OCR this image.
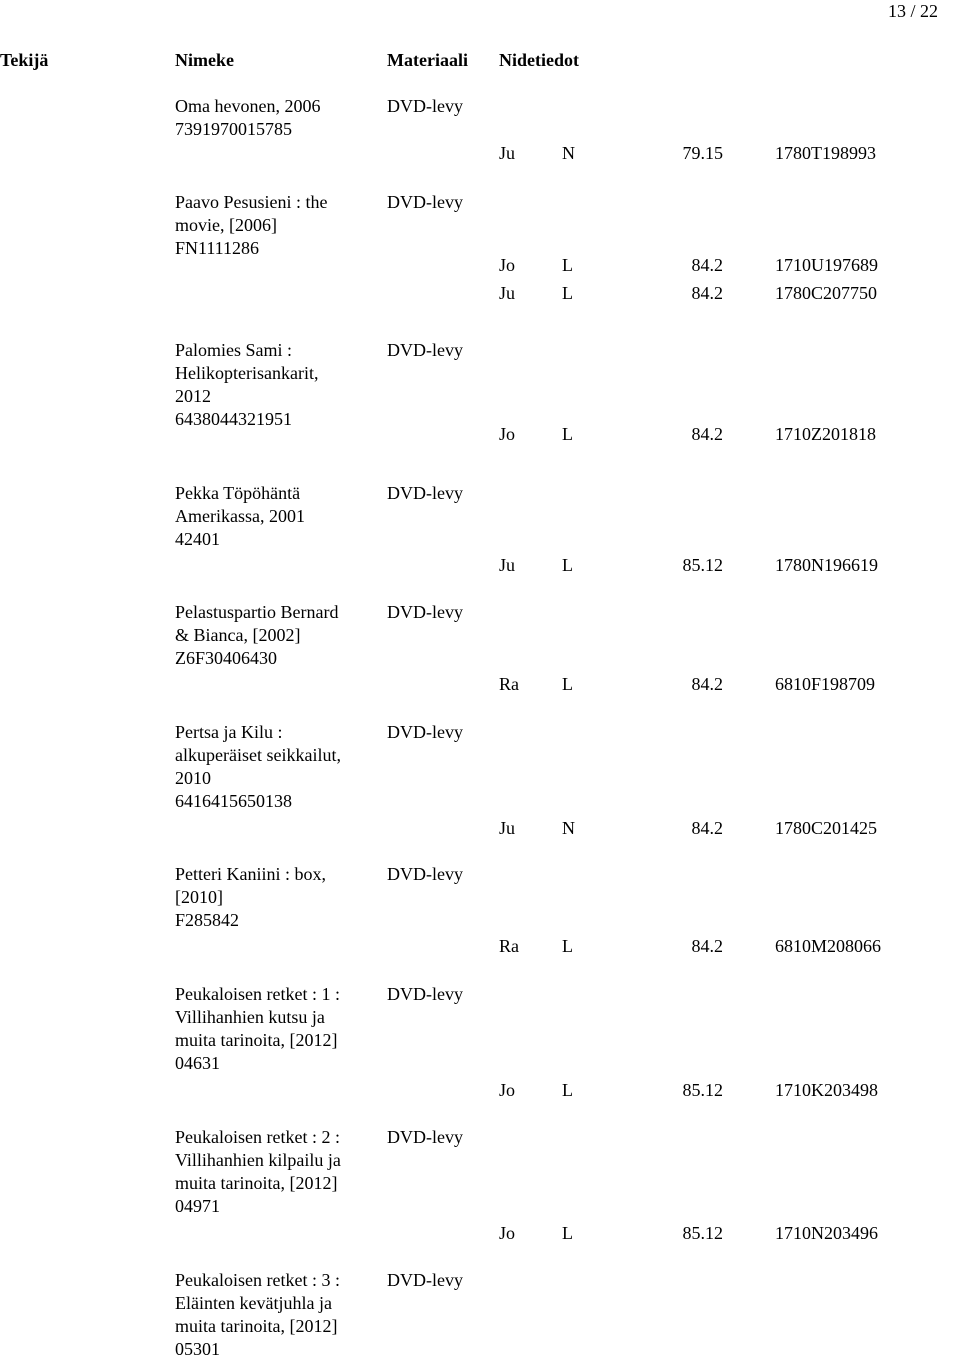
13 / 22
Tekijä	Nimeke	Materiaali Nidetiedot
Oma hevonen, 2006
7391970015785
DVD-levy
Ju	N	79.15	1780T198993
Paavo Pesusieni : the
movie, [2006]
FN1111286
DVD-levy
Jo	L	84.2	1710U197689
Ju	L	84.2	1780C207750
Palomies Sami :
Helikopterisankarit,
2012
6438044321951
DVD-levy
Jo	L	84.2	1710Z201818
Pekka Töpöhäntä
Amerikassa, 2001
42401
DVD-levy
Ju	L	85.12	1780N196619
Pelastuspartio Bernard
& Bianca, [2002]
Z6F30406430
DVD-levy
Ra L	84.2	6810F198709
Pertsa ja Kilu :
alkuperäiset seikkailut,
2010
6416415650138
DVD-levy
Ju	N	84.2	1780C201425
Petteri Kaniini : box,
[2010]
F285842
DVD-levy
Ra L	84.2	6810M208066
Peukaloisen retket : 1 :
Villihanhien kutsu ja
muita tarinoita, [2012]
04631
DVD-levy
Jo	L	85.12	1710K203498
Peukaloisen retket : 2 :
Villihanhien kilpailu ja
muita tarinoita, [2012]
04971
DVD-levy
Jo	L	85.12	1710N203496
Peukaloisen retket : 3 :
Eläinten kevätjuhla ja
muita tarinoita, [2012]
05301
DVD-levy
